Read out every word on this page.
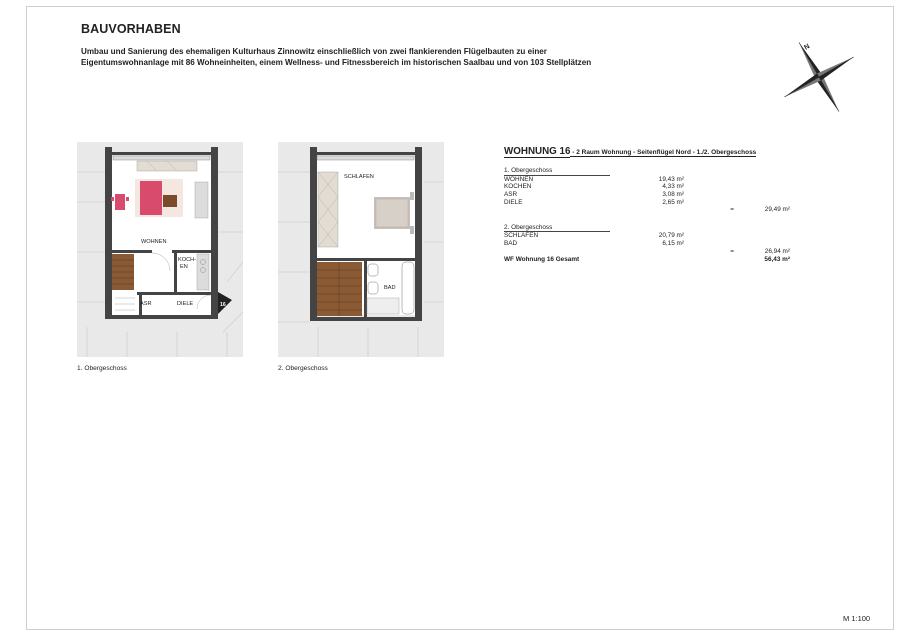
BAUVORHABEN
Umbau und Sanierung des ehemaligen Kulturhaus Zinnowitz einschließlich von zwei flankierenden Flügelbauten zu einer
Eigentumswohnanlage mit 86 Wohneinheiten, einem Wellness- und Fitnessbereich im historischen Saalbau und von 103 Stellplätzen
N
WOHNEN
KOCH-
EN
ASR	DIELE	16
1. Obergeschoss
SCHLAFEN
BAD
2. Obergeschoss
WOHNUNG 16 - 2 Raum Wohnung - Seitenflügel Nord - 1./2. Obergeschoss
1. Obergeschoss
WOHNEN	19,43 m²
KOCHEN	4,33 m²
ASR	3,08 m²
DIELE	2,65 m²
=	29,49 m²
2. Obergeschoss
SCHLAFEN	20,79 m²
BAD	6,15 m²
=	26,94 m²
WF Wohnung 16 Gesamt	56,43 m²
M 1:100
